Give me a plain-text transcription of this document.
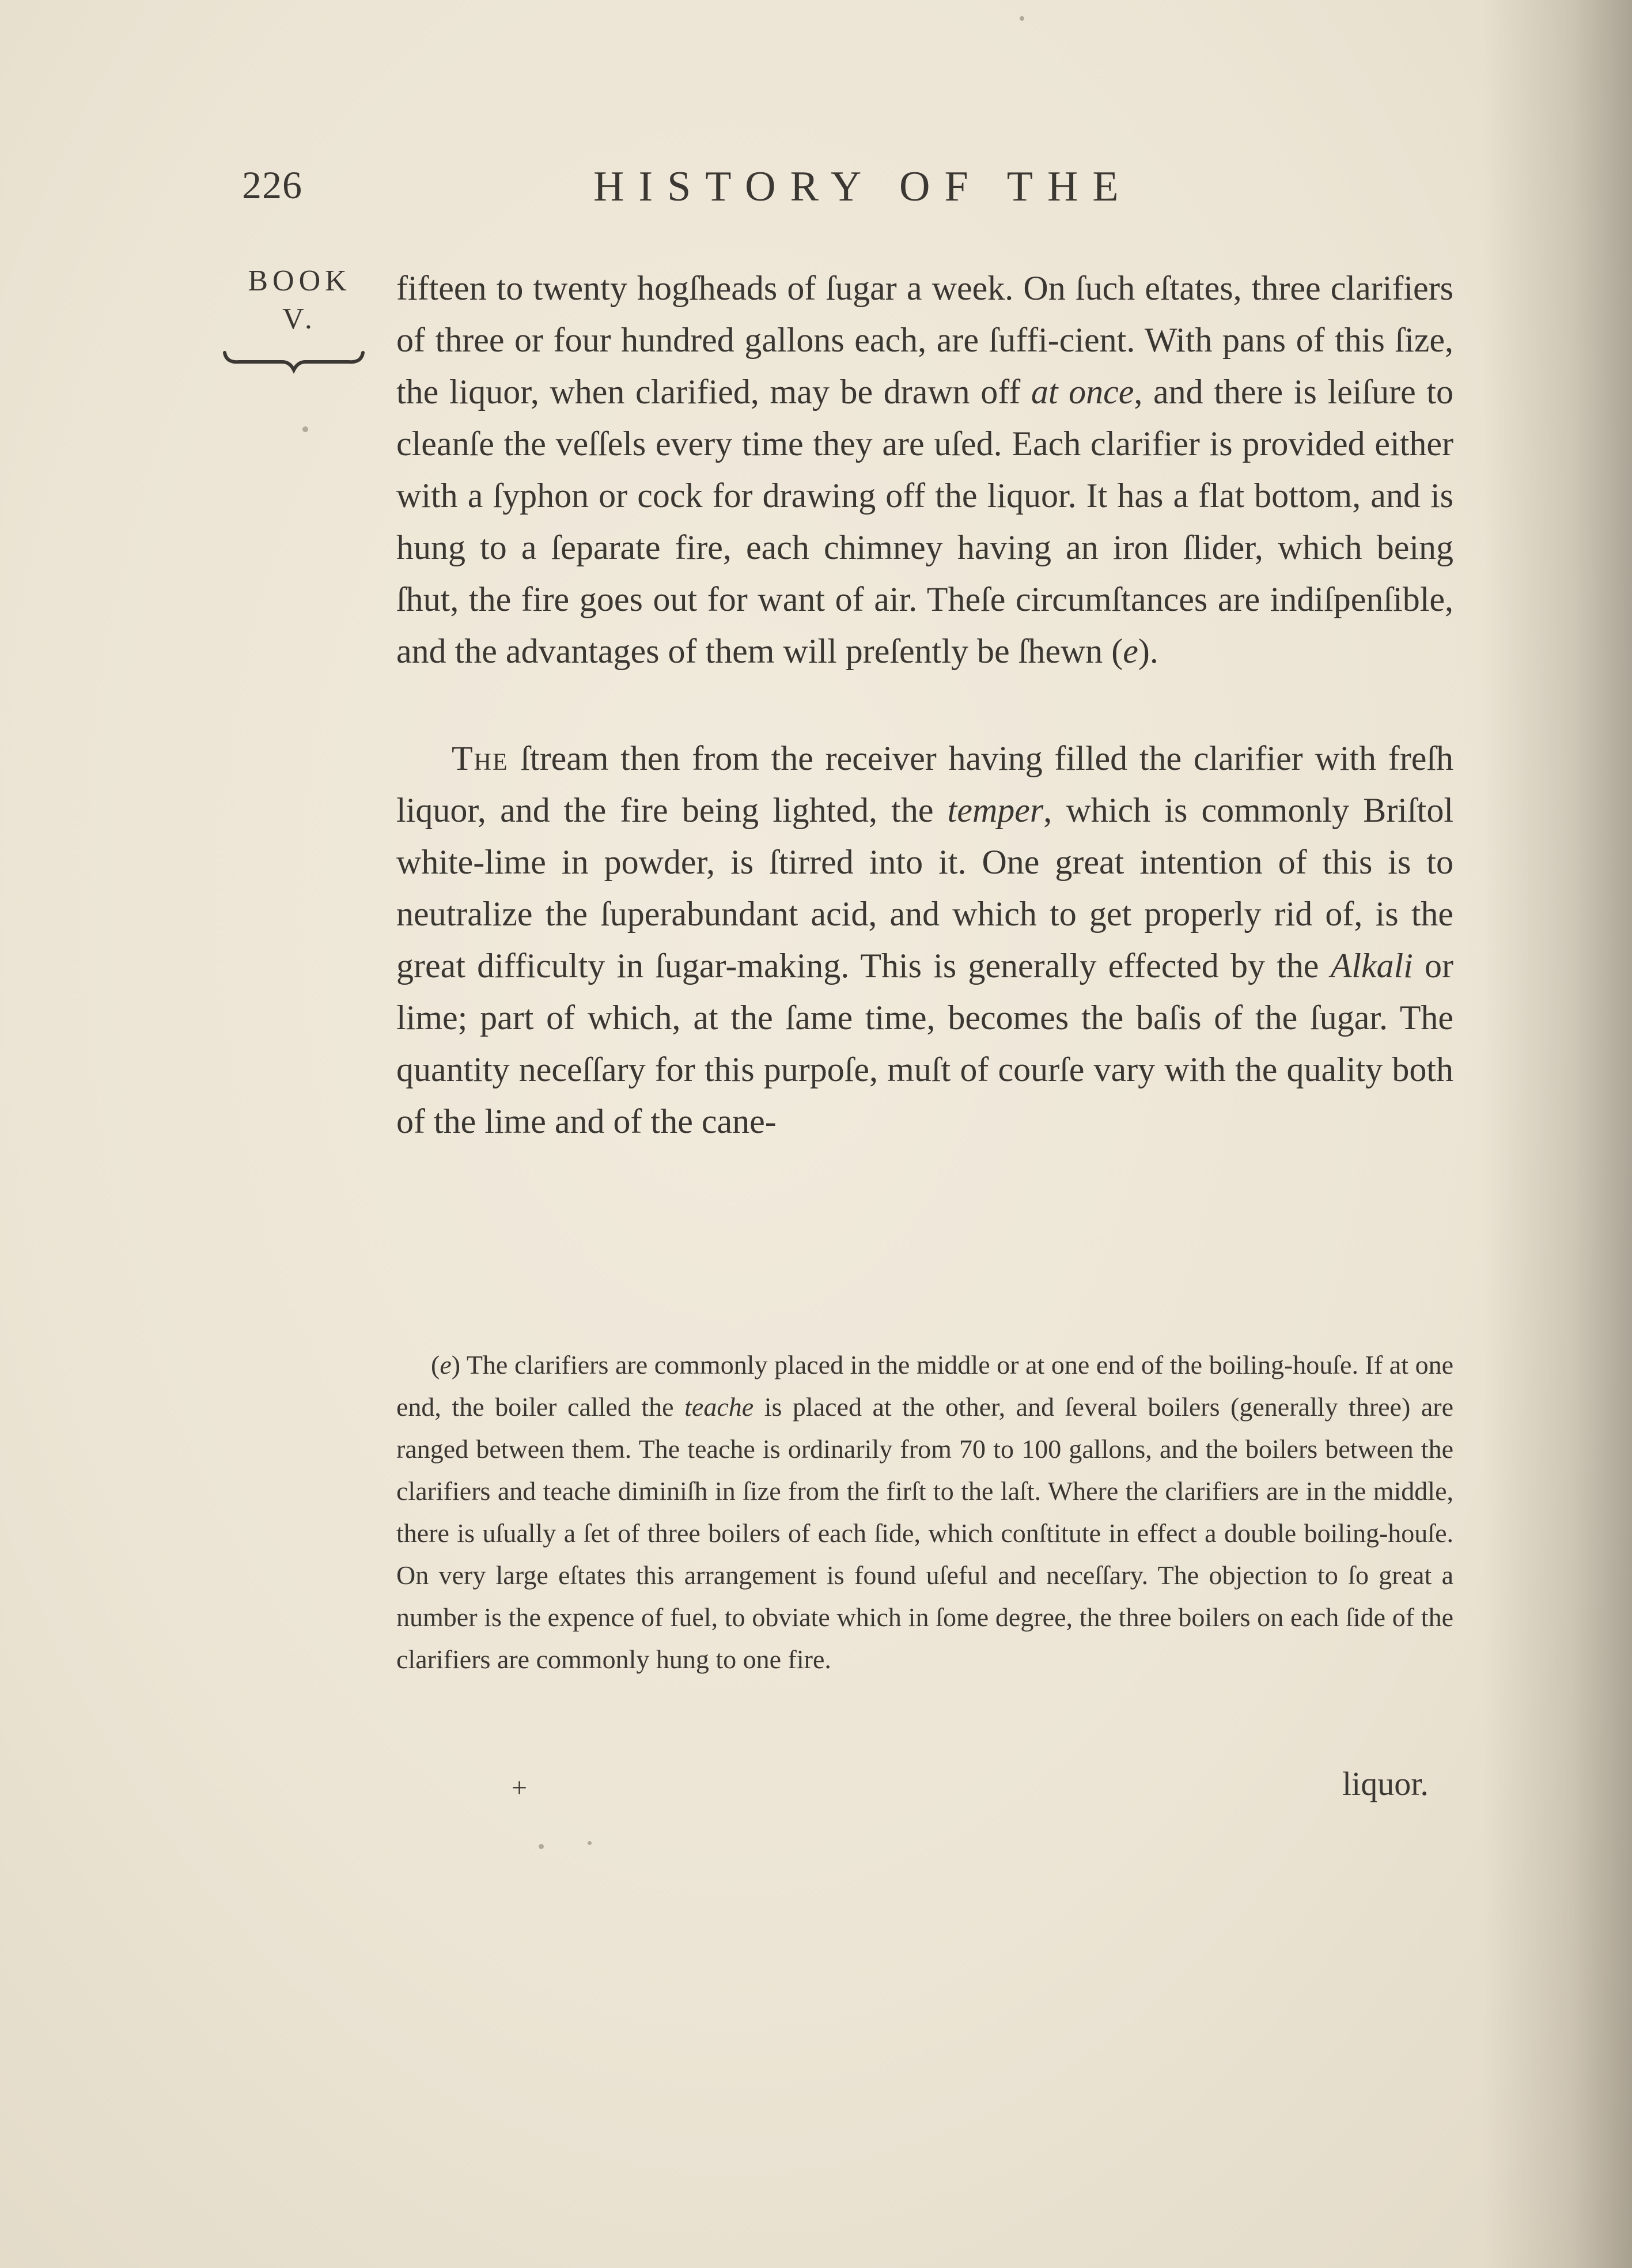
226	HISTORY OF THE
BOOK
V.

fifteen to twenty hogſheads of ſugar a week. On ſuch eſtates, three clarifiers of three or four hundred gallons each, are ſuffi-cient. With pans of this ſize, the liquor, when clarified, may be drawn off at once, and there is leiſure to cleanſe the veſſels every time they are uſed. Each clarifier is provided either with a ſyphon or cock for drawing off the liquor. It has a flat bottom, and is hung to a ſeparate fire, each chimney having an iron ſlider, which being ſhut, the fire goes out for want of air. Theſe circumſtances are indiſpenſible, and the advantages of them will preſently be ſhewn (e).

The ſtream then from the receiver having filled the clarifier with freſh liquor, and the fire being lighted, the temper, which is commonly Briſtol white-lime in powder, is ſtirred into it. One great intention of this is to neutralize the ſuperabundant acid, and which to get properly rid of, is the great difficulty in ſugar-making. This is generally effected by the Alkali or lime; part of which, at the ſame time, becomes the baſis of the ſugar. The quantity neceſſary for this purpoſe, muſt of courſe vary with the quality both of the lime and of the cane-

(e) The clarifiers are commonly placed in the middle or at one end of the boiling-houſe. If at one end, the boiler called the teache is placed at the other, and ſeveral boilers (generally three) are ranged between them. The teache is ordinarily from 70 to 100 gallons, and the boilers between the clarifiers and teache diminiſh in ſize from the firſt to the laſt. Where the clarifiers are in the middle, there is uſually a ſet of three boilers of each ſide, which conſtitute in effect a double boiling-houſe. On very large eſtates this arrangement is found uſeful and neceſſary. The objection to ſo great a number is the expence of fuel, to obviate which in ſome degree, the three boilers on each ſide of the clarifiers are commonly hung to one fire.

+	liquor.
